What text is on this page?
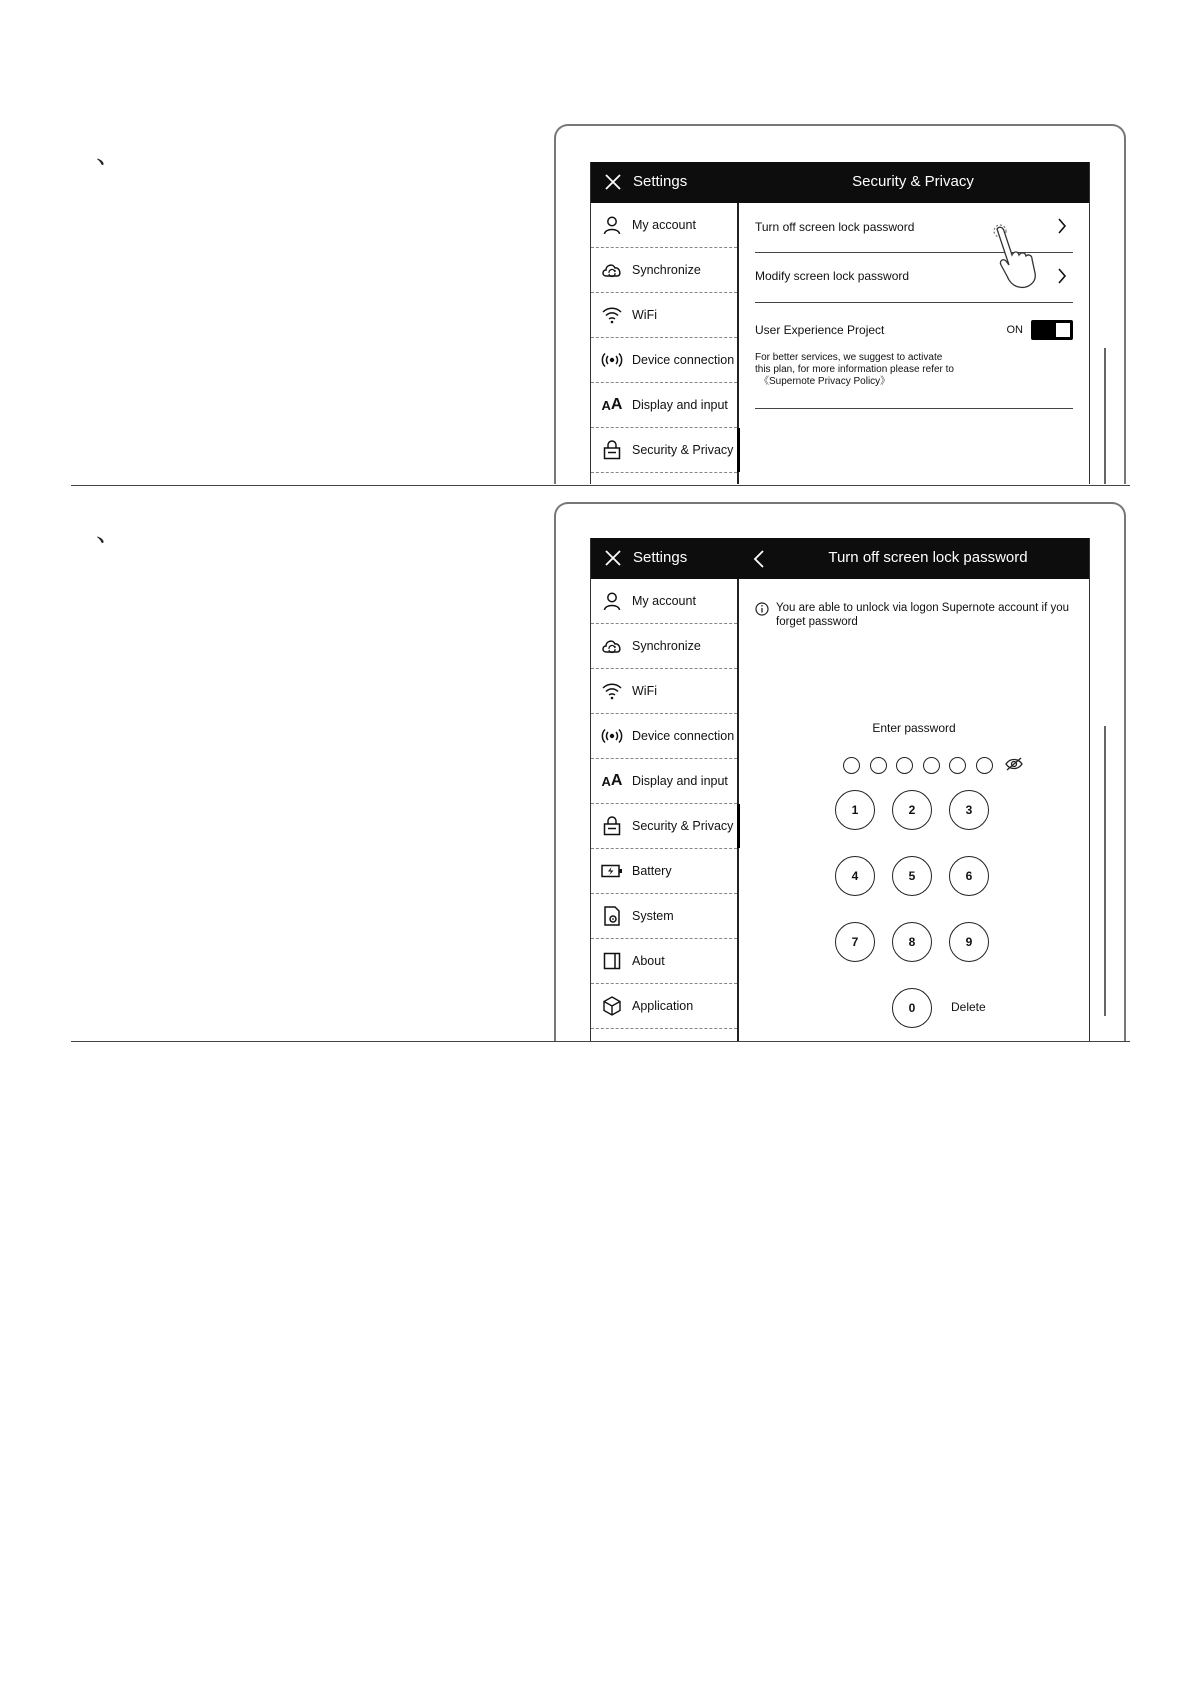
、
Settings	Security & Privacy
My account
Synchronize
WiFi
Device connection
A A Display and input
Security & Privacy
Turn off screen lock password
Modify screen lock password
User Experience Project	ON
For better services, we suggest to activate
this plan, for more information please refer to
《Supernote Privacy Policy》
、
Settings	Turn off screen lock password
My account
Synchronize
WiFi
Device connection
A A Display and input
Security & Privacy
Battery
System
About
Application
You are able to unlock via logon Supernote account if you forget password
Enter password
1	2	3
4	5	6
7	8	9
0	Delete
